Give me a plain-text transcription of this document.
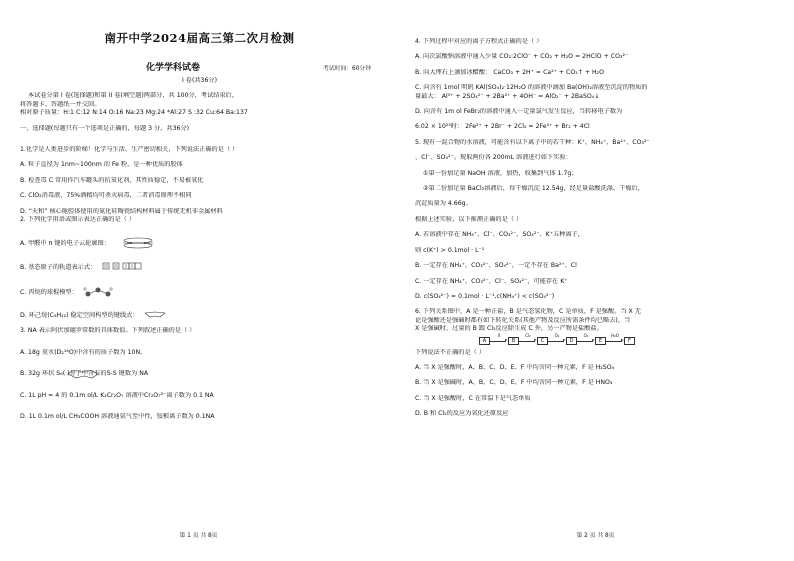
南开中学2024届高三第二次月检测
化学学科试卷	考试时间：60分钟
I 卷(共36分)
本试卷分第 I 卷(选择题)和第 II 卷(填空题)两部分，共 100分，考试结束后，
将答题卡、答题纸一并交回。
相对原子质量：H:1 C:12 N:14 O:16 Na:23 Mg:24 *Al:27 S :32 Cu:64 Ba:137
一、选择题(每题只有一个选项是正确的，每题 3 分，共36分)
1.化学是人类进步的阶梯！化学与生活、生产密切相关，下列说法正确的是（ ）
A. 粒子直径为 1nm~100nm 的 Fe 粉，是一种优质的胶体
B. 检查毒 C 常用作汽车罐头的抗氧化剂，其性质稳定，不易被氧化
C. ClO₂消毒液、75%酒精均可杀灭病毒，二者消毒原理不相同
D. “天和” 核心舱腔体使用的氮化硅陶瓷结构材料属于传统无机非金属材料
2. 下列化学用语或图示表达正确的是（ ）
A. 甲醛中 π 键的电子云轮廓图：
B. 基态原子的轨道表示式：
C. 丙烷的球棍模型：
D. 环己烷(C₆H₁₂) 稳定空间构型的键线式：
3. NA 表示阿伏加德罗常数的具体数值。下列叙述正确的是（ ）
A. 18g 重水(D₂¹⁶O)中含有的质子数为 10N,
B. 32g 环状 S₈( )分子中含有的S-S 键数为 NA
C. 1L pH = 4 的 0.1m ol/L K₂Cr₂O₇ 溶液中Cr₂O₇²⁻离子数为 0.1 NA
D. 1L 0.1m ol/L CH₃COOH 溶液通氨气至中性，铵根离子数为 0.1NA
第 1 页 共 8页
4. 下列过程中对应的离子方程式正确的是（ ）
A. 向次氯酸钠溶液中通入少量 CO₂:2ClO⁻ + CO₂ + H₂O = 2HClO + CO₃²⁻
B. 向大理石上滴加冰醋酸： CaCO₃ + 2H⁺ = Ca²⁺ + CO₂↑ + H₂O
C. 向含有 1mol 明矾 KAl(SO₄)₂·12H₂O 的溶液中滴加 Ba(OH)₂溶液至沉淀的物质的
量最大： Al³⁺ + 2SO₄²⁻ + 2Ba²⁺ + 4OH⁻ = AlO₂⁻ + 2BaSO₄↓
D. 向含有 1m ol FeBr₂的溶液中通入一定量氯气发生反应，当转移电子数为
6.02 × 10²³时： 2Fe²⁺ + 2Br⁻ + 2Cl₂ = 2Fe³⁺ + Br₂ + 4Cl
5. 现有一混合物的水溶液，可能含有以下离子中的若干种：K⁺、NH₄⁺、Ba²⁺、CO₃²⁻
、Cl⁻、SO₄²⁻。现取两份各 200mL 溶液进行如下实验：
①第一份加足量 NaOH 溶液，加热，收集到气体 1.7g；
②第二份加足量 BaCl₂溶液后，得干燥沉淀 12.54g，经足量盐酸洗涤、干燥后，
沉淀质量为 4.66g。
根据上述实验，以下推测正确的是（ ）
A. 若溶液中存在 NH₄⁺、Cl⁻、CO₃²⁻、SO₄²⁻、K⁺五种离子，
则 c(K⁺) > 0.1mol · L⁻¹
B. 一定存在 NH₄⁺、CO₃²⁻、SO₄²⁻，一定不存在 Ba²⁺、Cl
C. 一定存在 NH₄⁺、CO₃²⁻、Cl⁻、SO₄²⁻，可能存在 K⁺
D. c(SO₄²⁻) = 0.1mol · L⁻¹,c(NH₄⁺) < c(SO₄²⁻)
6. 下列关系图中，A 是一种正盐，B 是气态氢化物，C 是单质，F 是强酸。当 X 无
论是强酸还是强碱时都有如下转化关系(其他产物及反应所需条件均已略去)，当
X 是强碱时，过量的 B 跟 Cl₂反应除生成 C 外，另一产物是盐酸盐。
A
X
B
Cl₂
C
O₂
D
O₂
E
H₂O
F
下列说法不正确的是（ ）
A. 当 X 是强酸时，A、B、C、D、E、F 中均含同一种元素，F 是 H₂SO₄
B. 当 X 是强碱时，A、B、C、D、E、F 中均含同一种元素，F 是 HNO₃
C. 当 X 是强酸时，C 在常温下是气态单质
D. B 和 Cl₂的反应为氧化还原反应
第 2 页 共 8页
